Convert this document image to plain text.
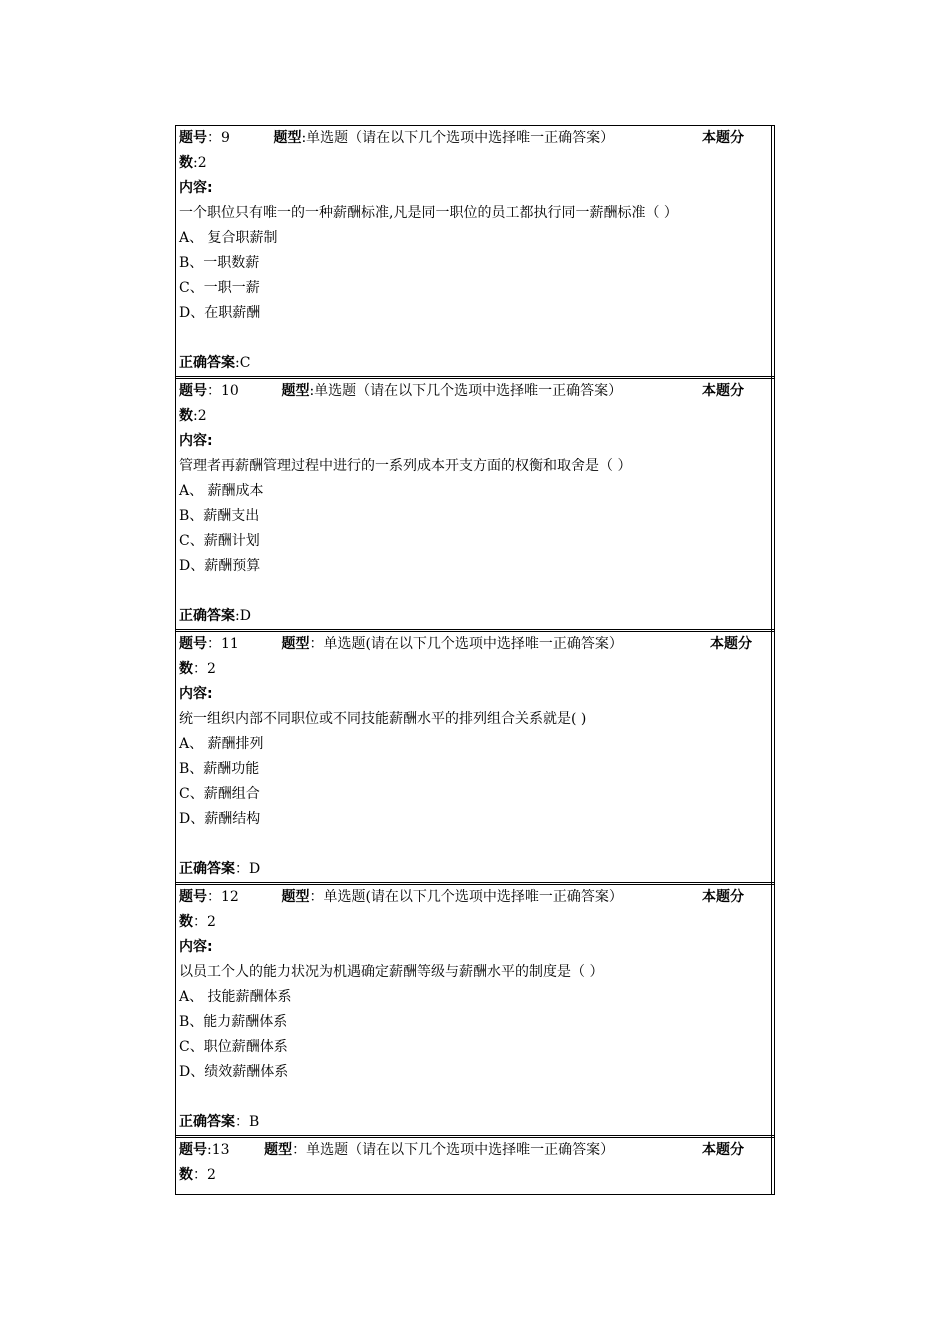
题号：9	题型:单选题（请在以下几个选项中选择唯一正确答案）	本题分
数:2
内容:
一个职位只有唯一的一种薪酬标准,凡是同一职位的员工都执行同一薪酬标准（ ）
A、 复合职薪制
B、一职数薪
C、一职一薪
D、在职薪酬
正确答案:C
题号：10	题型:单选题（请在以下几个选项中选择唯一正确答案）	本题分
数:2
内容:
管理者再薪酬管理过程中进行的一系列成本开支方面的权衡和取舍是（ ）
A、 薪酬成本
B、薪酬支出
C、薪酬计划
D、薪酬预算
正确答案:D
题号：11	题型：单选题(请在以下几个选项中选择唯一正确答案）	本题分
数：2
内容:
统一组织内部不同职位或不同技能薪酬水平的排列组合关系就是( )
A、 薪酬排列
B、薪酬功能
C、薪酬组合
D、薪酬结构
正确答案：D
题号：12	题型：单选题(请在以下几个选项中选择唯一正确答案）	本题分
数：2
内容:
以员工个人的能力状况为机遇确定薪酬等级与薪酬水平的制度是（ ）
A、 技能薪酬体系
B、能力薪酬体系
C、职位薪酬体系
D、绩效薪酬体系
正确答案：B
题号:13 题型：单选题（请在以下几个选项中选择唯一正确答案）	本题分
数：2
